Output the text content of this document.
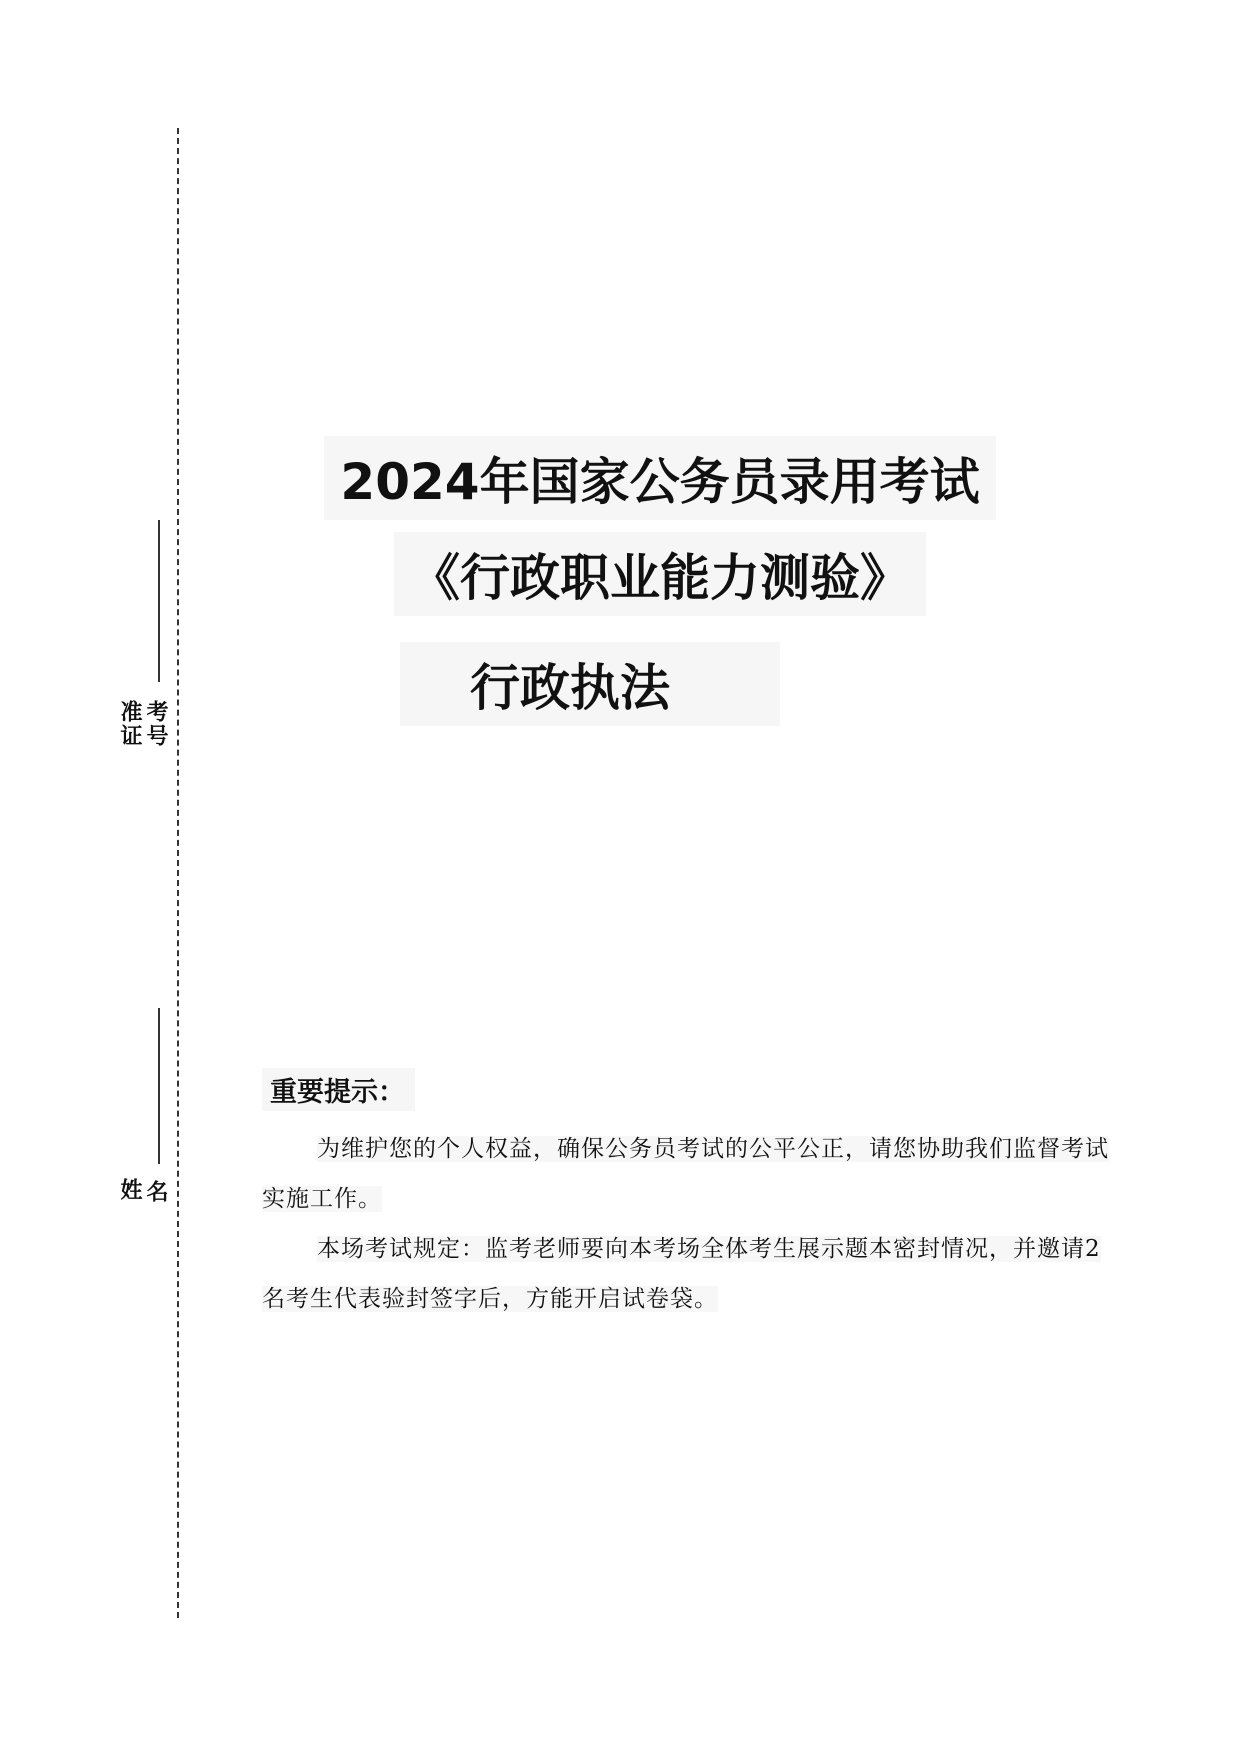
准证 考号
姓 名
2024年国家公务员录用考试
《行政职业能力测验》
行政执法
重要提示：
为维护您的个人权益，确保公务员考试的公平公正，请您协助我们监督考试实施工作。
本场考试规定：监考老师要向本考场全体考生展示题本密封情况，并邀请2名考生代表验封签字后，方能开启试卷袋。
